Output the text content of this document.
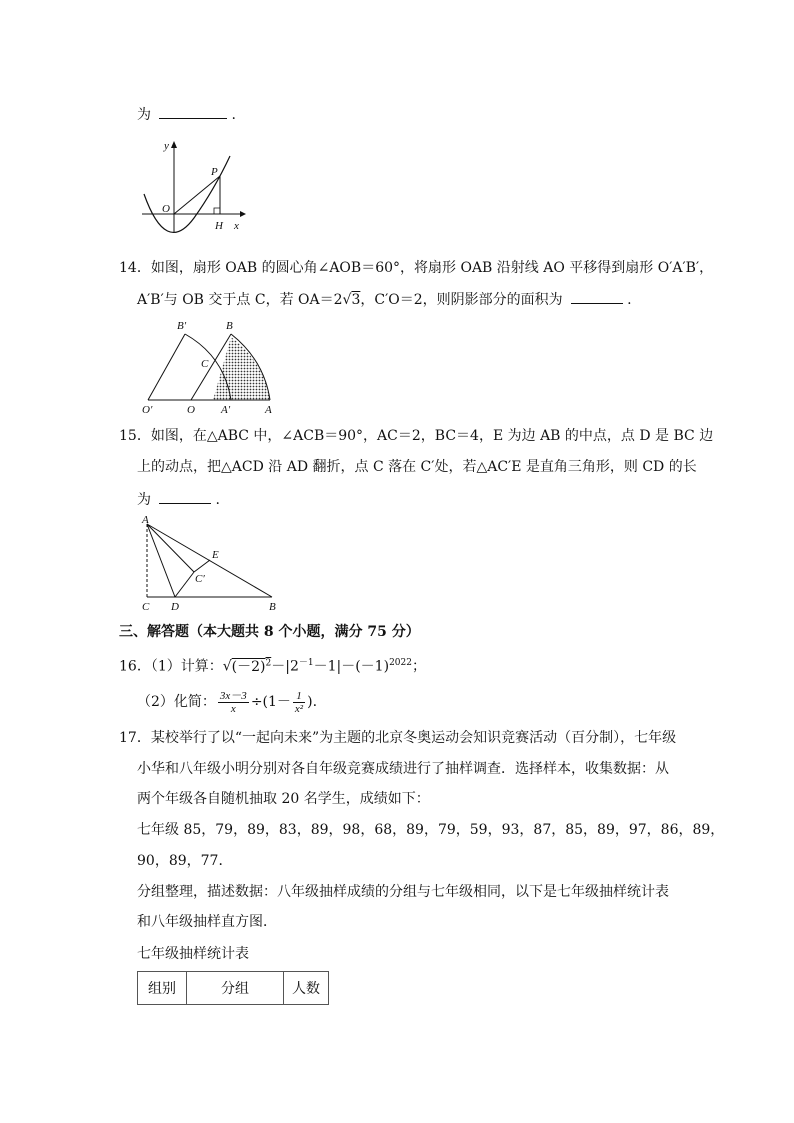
为	.
y
P
O
H x
14．如图，扇形 OAB 的圆心角∠AOB＝60°，将扇形 OAB 沿射线 AO 平移得到扇形 O′A′B′，
A′B′与 OB 交于点 C，若 OA＝2√3，C′O＝2，则阴影部分的面积为	.
B′	B
C
O′	O A′	A
15．如图，在△ABC 中，∠ACB＝90°，AC＝2，BC＝4，E 为边 AB 的中点，点 D 是 BC 边
上的动点，把△ACD 沿 AD 翻折，点 C 落在 C′处，若△AC′E 是直角三角形，则 CD 的长
为	.
A
E
C′
C D	B
三、解答题（本大题共 8 个小题，满分 75 分）
16．（1）计算：$√(-2)^2-|2^{-1}-1|-(-1)^{2022}$；
（2）化简： $\frac{3x-3}{x} \div(1- \frac{1}{\text{x²}}$ ).
17．某校举行了以“一起向未来”为主题的北京冬奥运动会知识竞赛活动（百分制），七年级
小华和八年级小明分别对各自年级竞赛成绩进行了抽样调查．选择样本，收集数据：从
两个年级各自随机抽取 20 名学生，成绩如下：
七年级 85，79，89，83，89，98，68，89，79，59，93，87，85，89，97，86，89，
90，89，77．
分组整理，描述数据：八年级抽样成绩的分组与七年级相同，以下是七年级抽样统计表
和八年级抽样直方图．
七年级抽样统计表
组别	分组	人数
